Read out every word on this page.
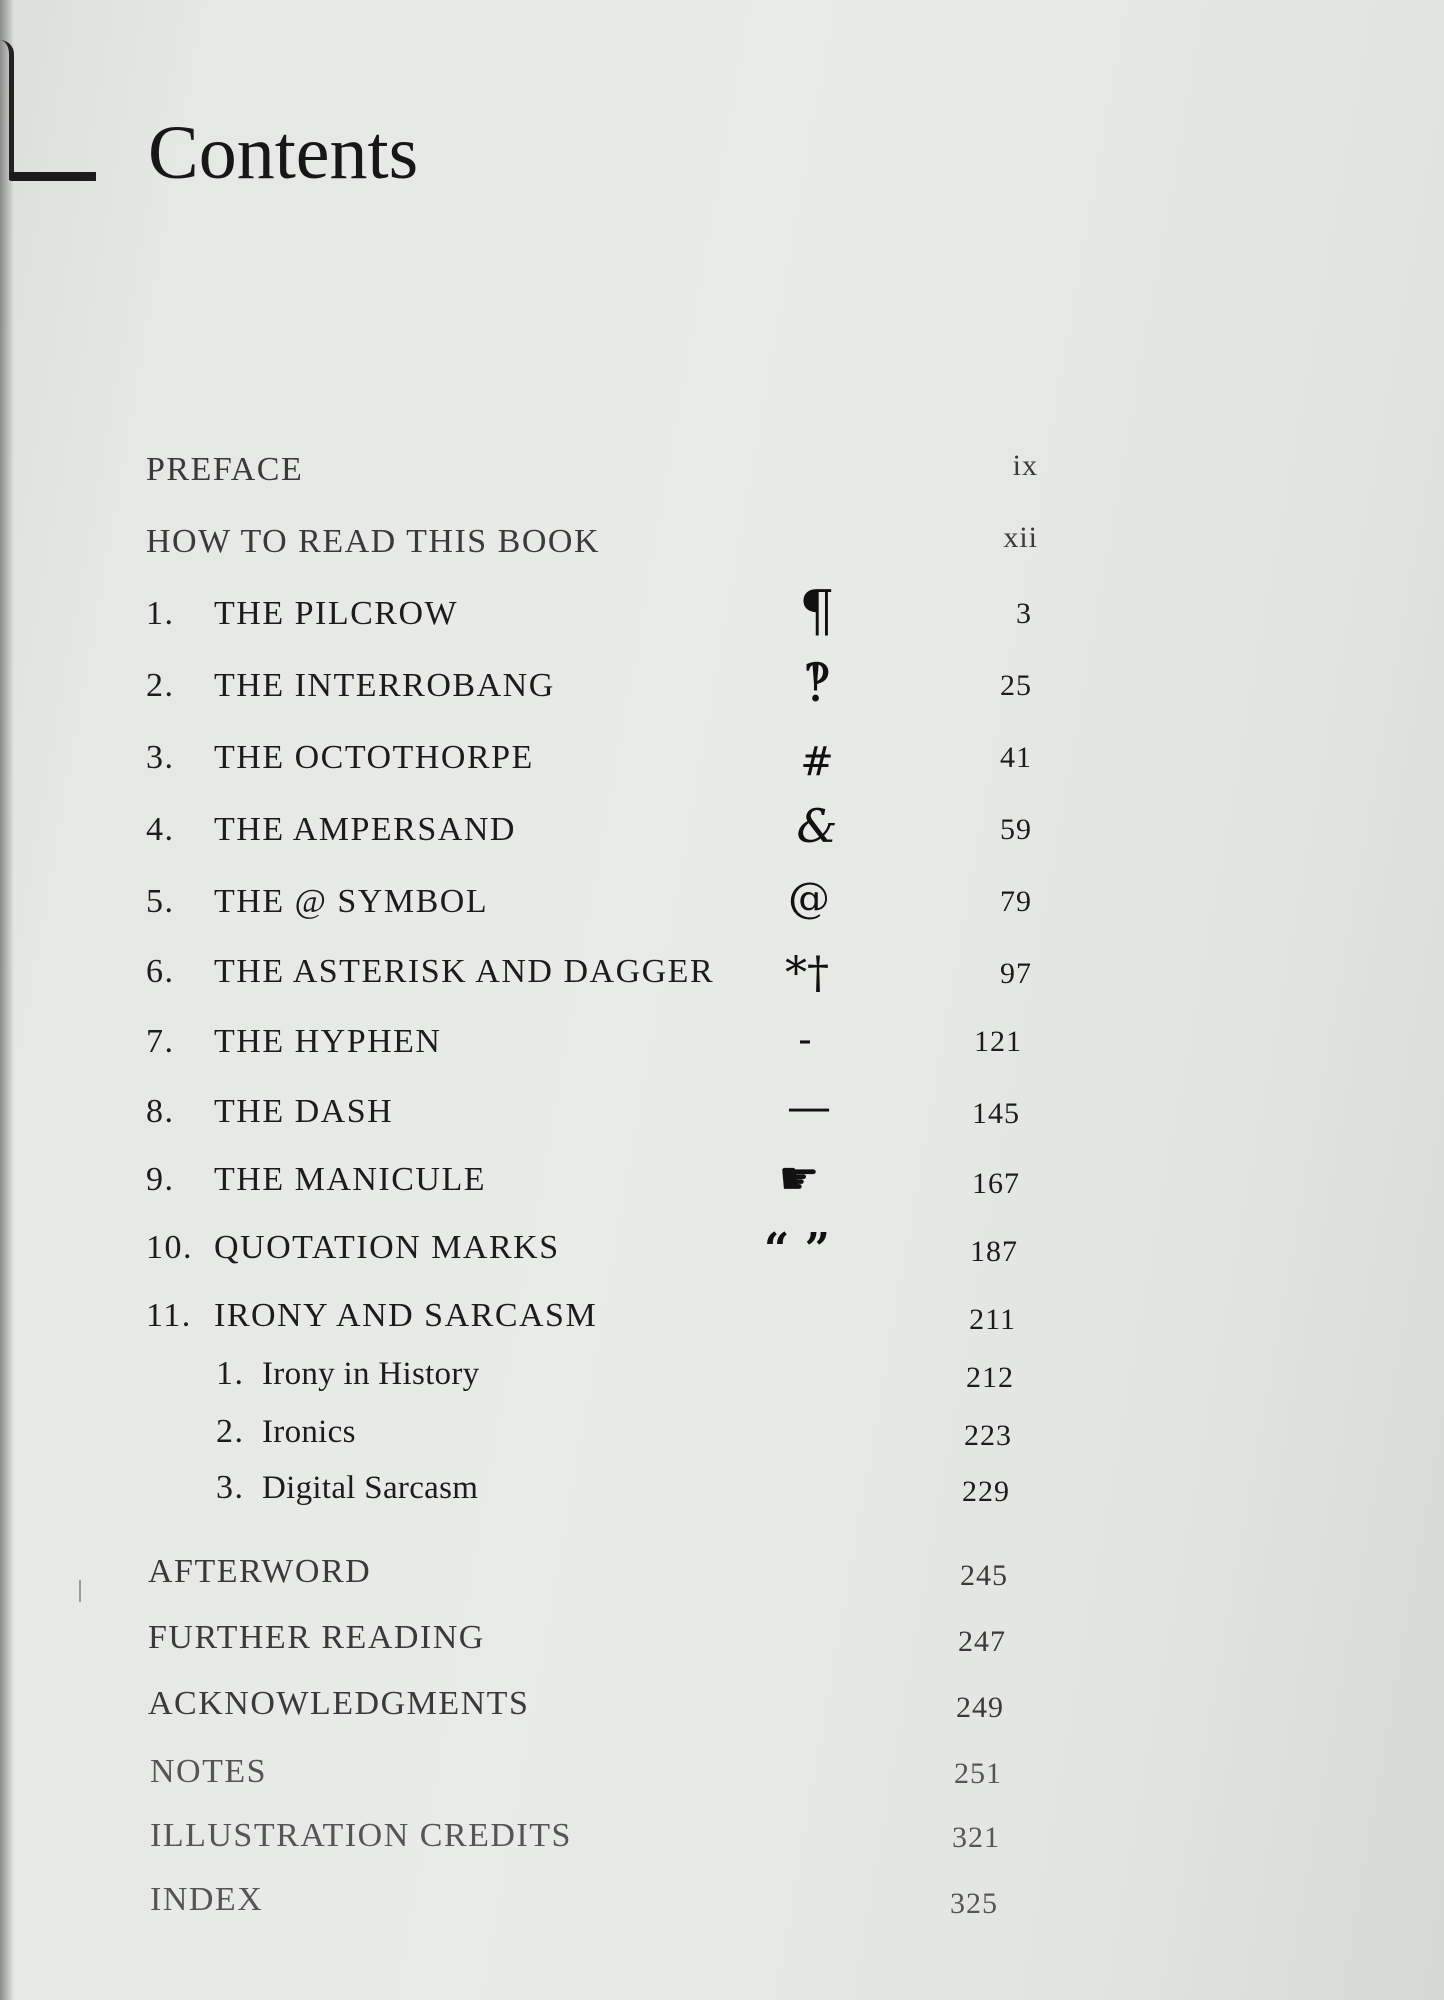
Contents
PREFACE	ix
HOW TO READ THIS BOOK	xii
1. THE PILCROW	¶	3
2. THE INTERROBANG	‽	25
3. THE OCTOTHORPE	#	41
4. THE AMPERSAND	&	59
5. THE @ SYMBOL	@	79
6. THE ASTERISK AND DAGGER	*†	97
7. THE HYPHEN	-	121
8. THE DASH	—	145
9. THE MANICULE	☛	167
10. QUOTATION MARKS	“ ”	187
11. IRONY AND SARCASM	211
1. Irony in History	212
2. Ironics	223
3. Digital Sarcasm	229
AFTERWORD	245
FURTHER READING	247
ACKNOWLEDGMENTS	249
NOTES	251
ILLUSTRATION CREDITS	321
INDEX	325
